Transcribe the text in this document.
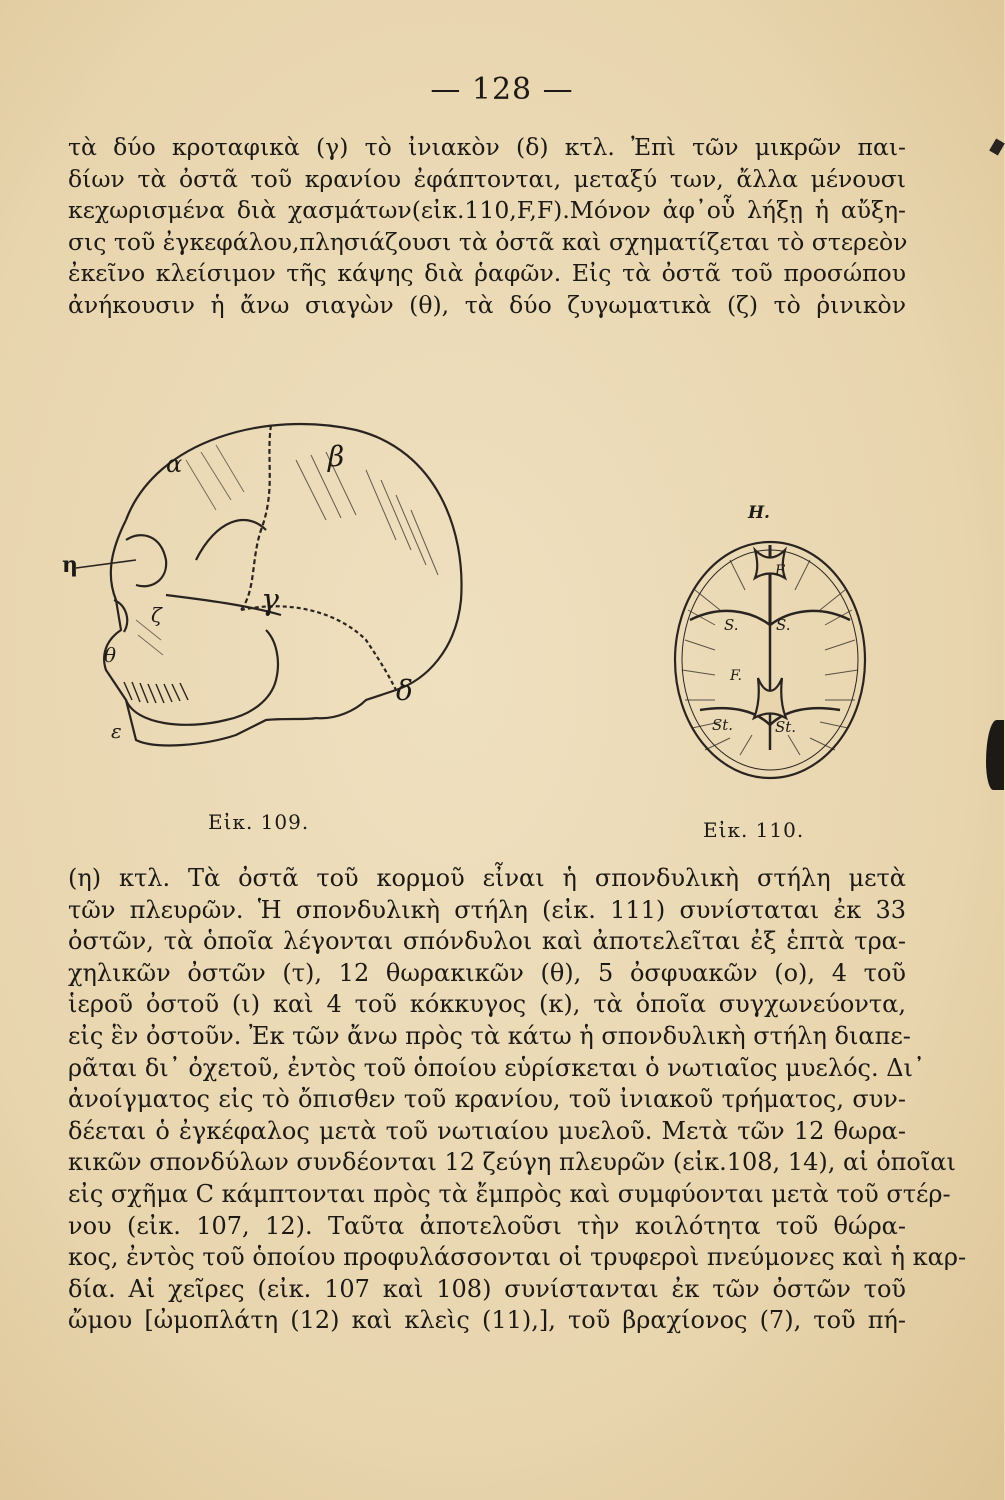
— 128 —
τὰ δύο κροταφικὰ (γ) τὸ ἰνιακὸν (δ) κτλ. Ἐπὶ τῶν μικρῶν παι-
δίων τὰ ὀστᾶ τοῦ κρανίου ἐφάπτονται, μεταξύ των, ἄλλα μένουσι
κεχωρισμένα διὰ χασμάτων(εἰκ.110,F,F).Μόνον ἀφ᾽οὗ λήξῃ ἡ αὔξη-
σις τοῦ ἐγκεφάλου,πλησιάζουσι τὰ ὀστᾶ καὶ σχηματίζεται τὸ στερεὸν
ἐκεῖνο κλείσιμον τῆς κάψης διὰ ῥαφῶν. Εἰς τὰ ὀστᾶ τοῦ προσώπου
ἀνήκουσιν ἡ ἄνω σιαγὼν (θ), τὰ δύο ζυγωματικὰ (ζ) τὸ ῥινικὸν
α	β
γ
δ
η
ζ
θ
ε
H.
F
S. S.
F.
St.	St.
Εἰκ. 109.	Εἰκ. 110.
(η) κτλ. Τὰ ὀστᾶ τοῦ κορμοῦ εἶναι ἡ σπονδυλικὴ στήλη μετὰ
τῶν πλευρῶν. Ἡ σπονδυλικὴ στήλη (εἰκ. 111) συνίσταται ἐκ 33
ὀστῶν, τὰ ὁποῖα λέγονται σπόνδυλοι καὶ ἀποτελεῖται ἐξ ἑπτὰ τρα-
χηλικῶν ὀστῶν (τ), 12 θωρακικῶν (θ), 5 ὀσφυακῶν (ο), 4 τοῦ
ἱεροῦ ὀστοῦ (ι) καὶ 4 τοῦ κόκκυγος (κ), τὰ ὁποῖα συγχωνεύοντα,
εἰς ἓν ὀστοῦν. Ἐκ τῶν ἄνω πρὸς τὰ κάτω ἡ σπονδυλικὴ στήλη διαπε-
ρᾶται δι᾽ ὀχετοῦ, ἐντὸς τοῦ ὁποίου εὑρίσκεται ὁ νωτιαῖος μυελός. Δι᾽
ἀνοίγματος εἰς τὸ ὄπισθεν τοῦ κρανίου, τοῦ ἰνιακοῦ τρήματος, συν-
δέεται ὁ ἐγκέφαλος μετὰ τοῦ νωτιαίου μυελοῦ. Μετὰ τῶν 12 θωρα-
κικῶν σπονδύλων συνδέονται 12 ζεύγη πλευρῶν (εἰκ.108, 14), αἱ ὁποῖαι
εἰς σχῆμα C κάμπτονται πρὸς τὰ ἔμπρὸς καὶ συμφύονται μετὰ τοῦ στέρ-
νου (εἰκ. 107, 12). Ταῦτα ἀποτελοῦσι τὴν κοιλότητα τοῦ θώρα-
κος, ἐντὸς τοῦ ὁποίου προφυλάσσονται οἱ τρυφεροὶ πνεύμονες καὶ ἡ καρ-
δία. Αἱ χεῖρες (εἰκ. 107 καὶ 108) συνίστανται ἐκ τῶν ὀστῶν τοῦ
ὤμου [ὠμοπλάτη (12) καὶ κλεὶς (11),], τοῦ βραχίονος (7), τοῦ πή-
